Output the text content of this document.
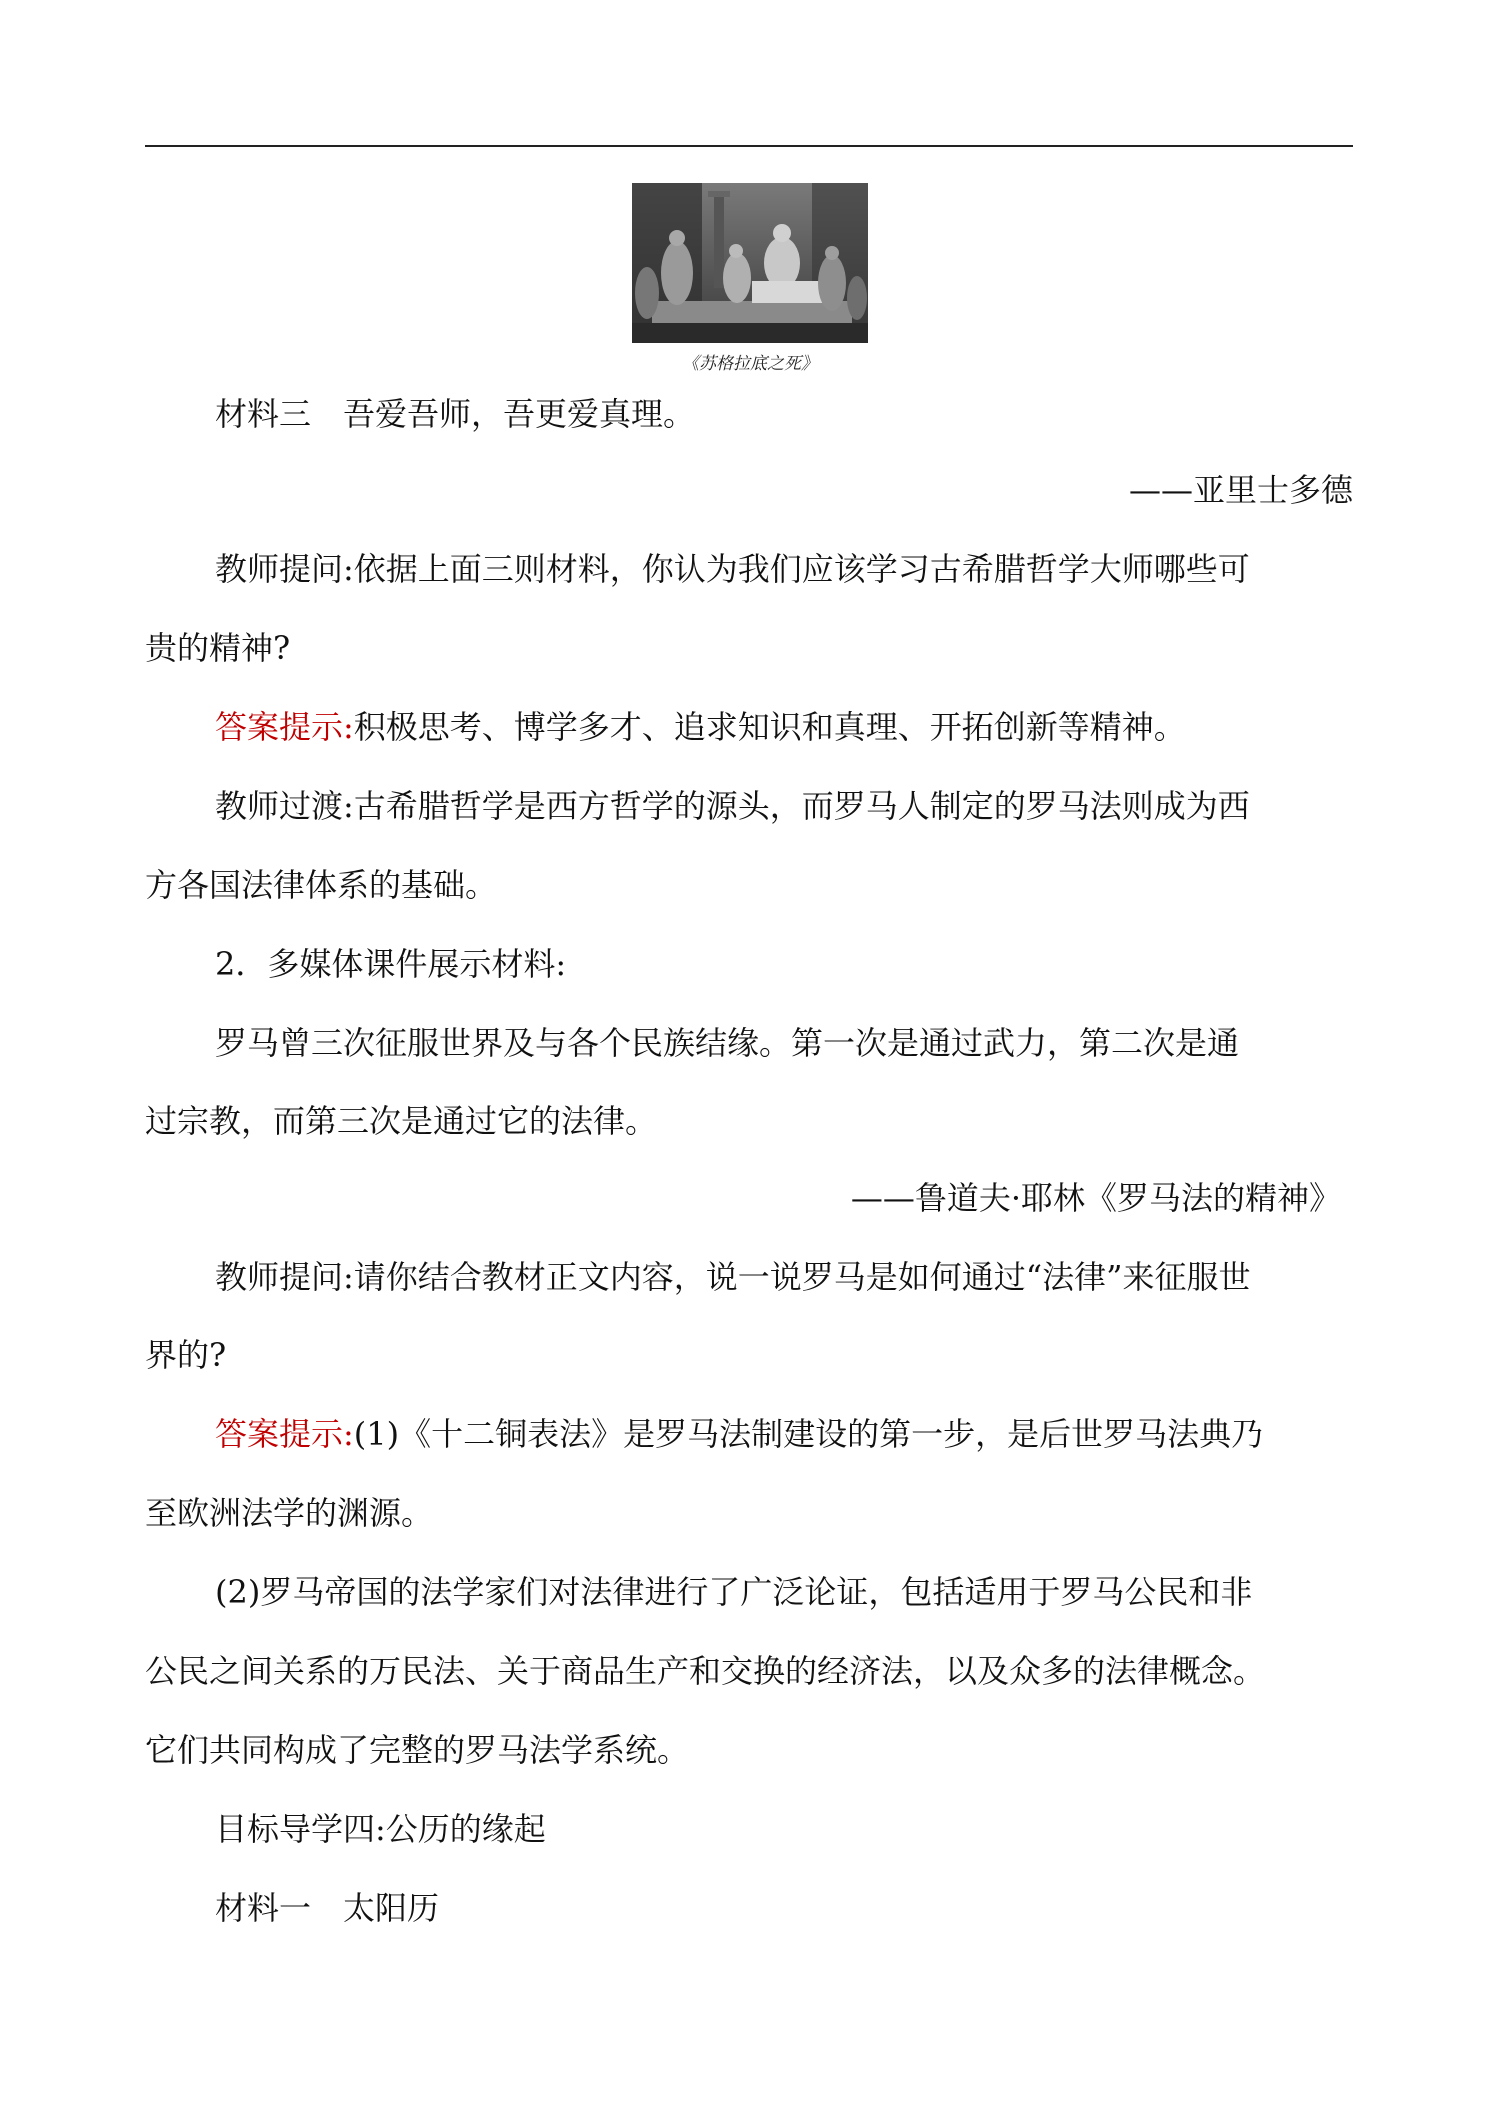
《苏格拉底之死》
材料三　吾爱吾师，吾更爱真理。
——亚里士多德
教师提问:依据上面三则材料，你认为我们应该学习古希腊哲学大师哪些可
贵的精神?
答案提示:积极思考、博学多才、追求知识和真理、开拓创新等精神。
教师过渡:古希腊哲学是西方哲学的源头，而罗马人制定的罗马法则成为西
方各国法律体系的基础。
2．多媒体课件展示材料:
罗马曾三次征服世界及与各个民族结缘。第一次是通过武力，第二次是通
过宗教，而第三次是通过它的法律。
——鲁道夫·耶林《罗马法的精神》
教师提问:请你结合教材正文内容，说一说罗马是如何通过“法律”来征服世
界的?
答案提示:(1)《十二铜表法》是罗马法制建设的第一步，是后世罗马法典乃
至欧洲法学的渊源。
(2)罗马帝国的法学家们对法律进行了广泛论证，包括适用于罗马公民和非
公民之间关系的万民法、关于商品生产和交换的经济法，以及众多的法律概念。
它们共同构成了完整的罗马法学系统。
目标导学四:公历的缘起
材料一　太阳历
